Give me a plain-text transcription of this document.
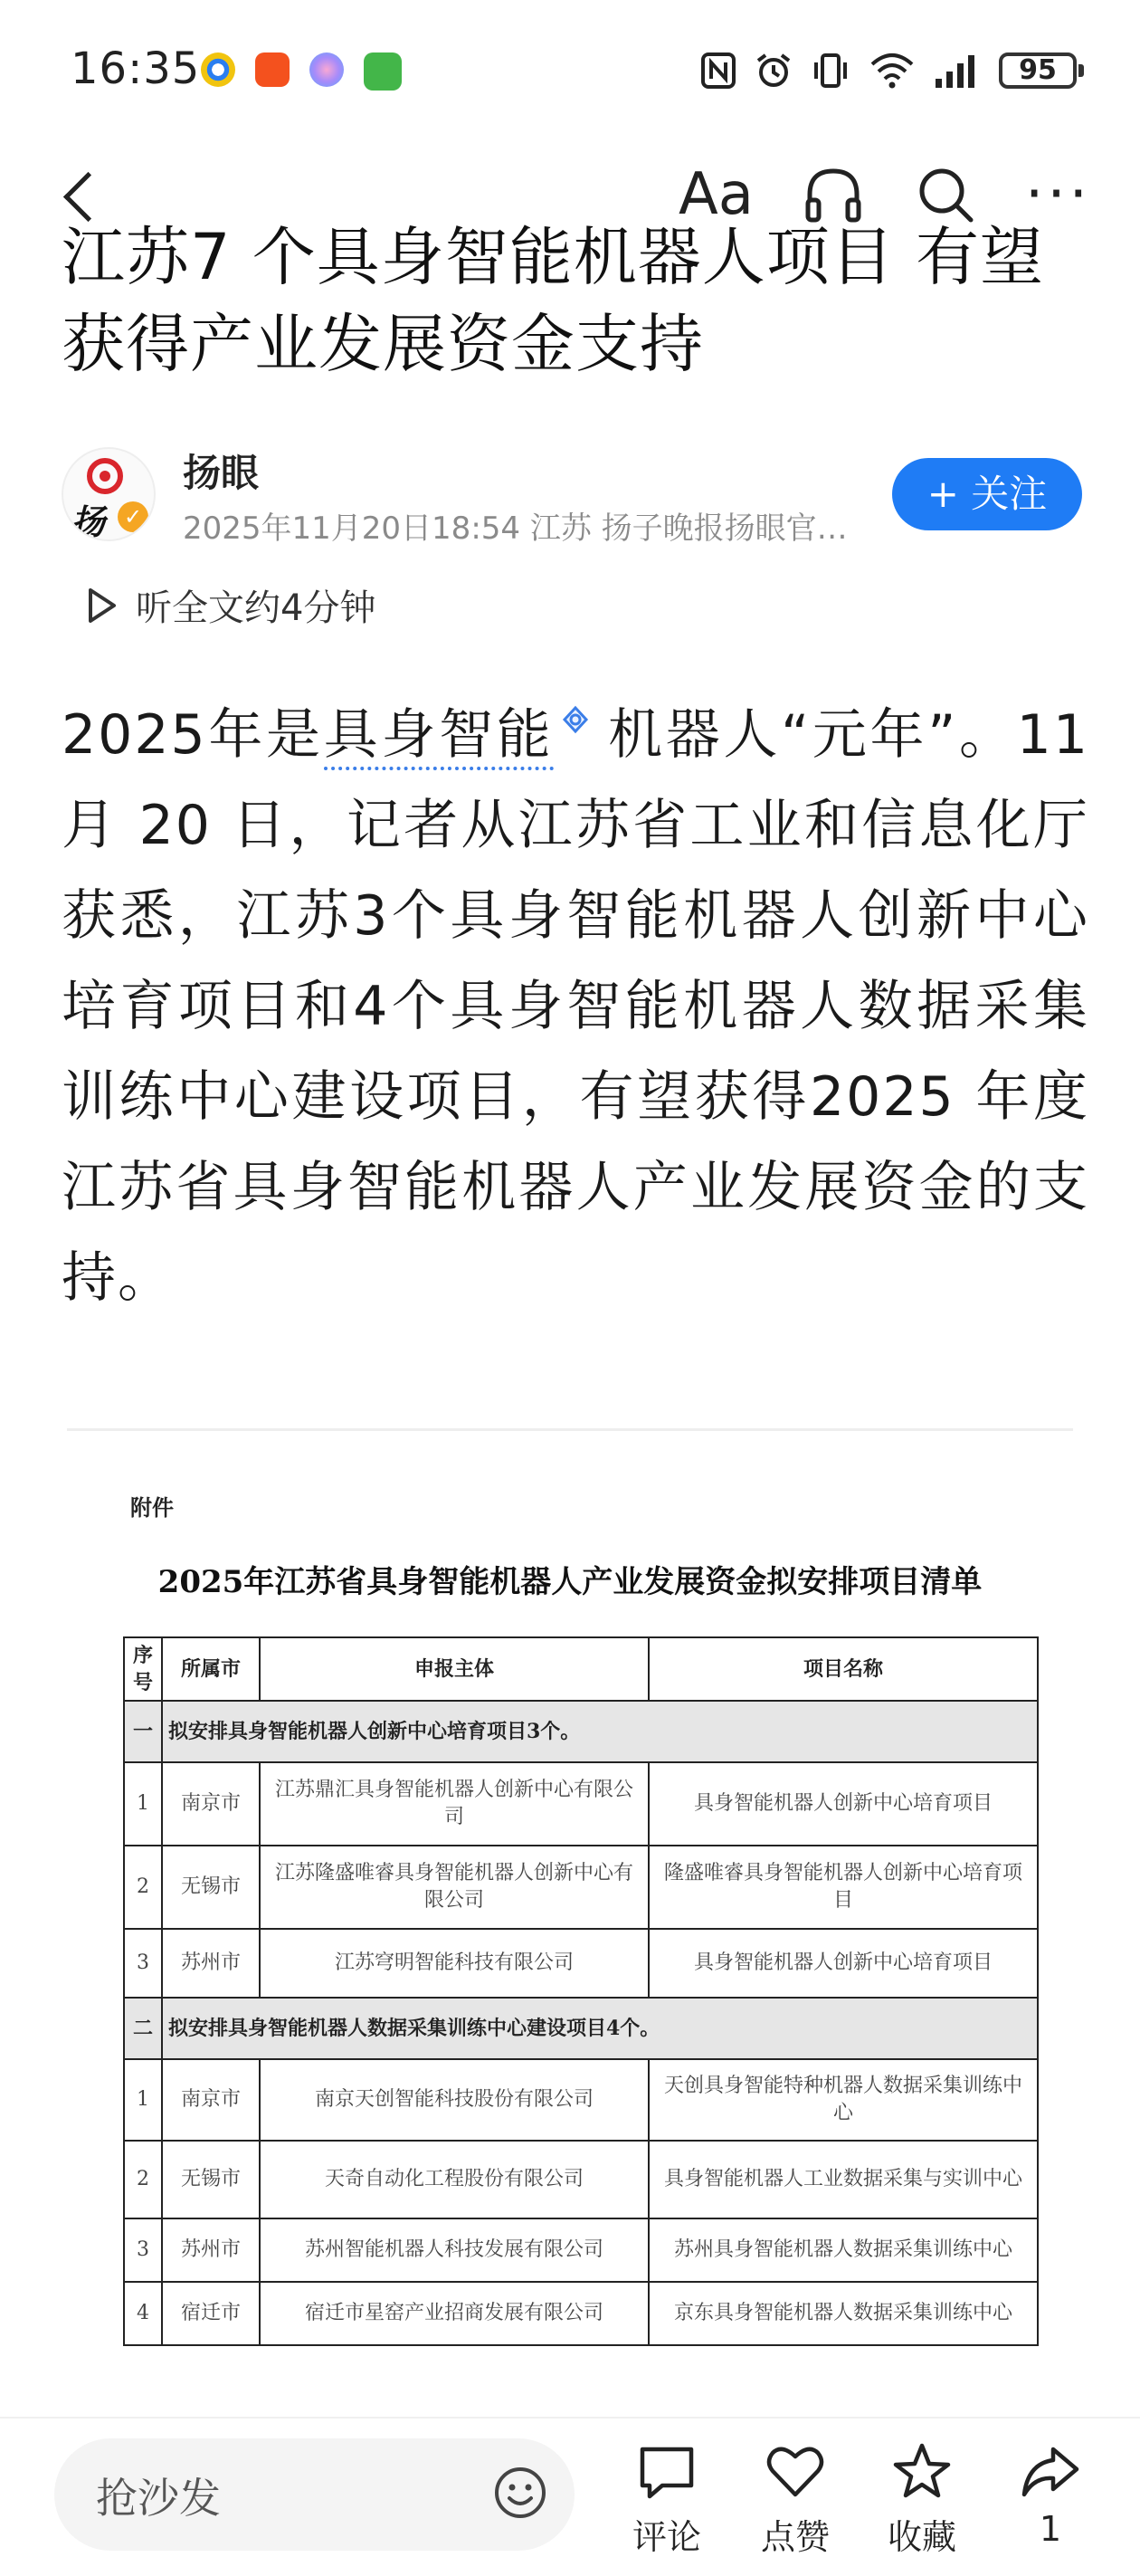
16:35	95
Aa	···
江苏7 个具身智能机器人项目 有望获得产业发展资金支持
扬 ✓
扬眼
2025年11月20日18:54 江苏 扬子晚报扬眼官…
+ 关注
听全文约4分钟
2025年是具身智能 机器人“元年”。11 月 20 日，记者从江苏省工业和信息化厅获悉，江苏3个具身智能机器人创新中心培育项目和4个具身智能机器人数据采集训练中心建设项目，有望获得2025 年度江苏省具身智能机器人产业发展资金的支持。
附件
2025年江苏省具身智能机器人产业发展资金拟安排项目清单
序号	所属市	申报主体	项目名称
一	拟安排具身智能机器人创新中心培育项目3个。		
1	南京市	江苏鼎汇具身智能机器人创新中心有限公司	具身智能机器人创新中心培育项目
2	无锡市	江苏隆盛唯睿具身智能机器人创新中心有限公司	隆盛唯睿具身智能机器人创新中心培育项目
3	苏州市	江苏穹明智能科技有限公司	具身智能机器人创新中心培育项目
二	拟安排具身智能机器人数据采集训练中心建设项目4个。		
1	南京市	南京天创智能科技股份有限公司	天创具身智能特种机器人数据采集训练中心
2	无锡市	天奇自动化工程股份有限公司	具身智能机器人工业数据采集与实训中心
3	苏州市	苏州智能机器人科技发展有限公司	苏州具身智能机器人数据采集训练中心
4	宿迁市	宿迁市星窑产业招商发展有限公司	京东具身智能机器人数据采集训练中心
抢沙发
评论	点赞	收藏	1
